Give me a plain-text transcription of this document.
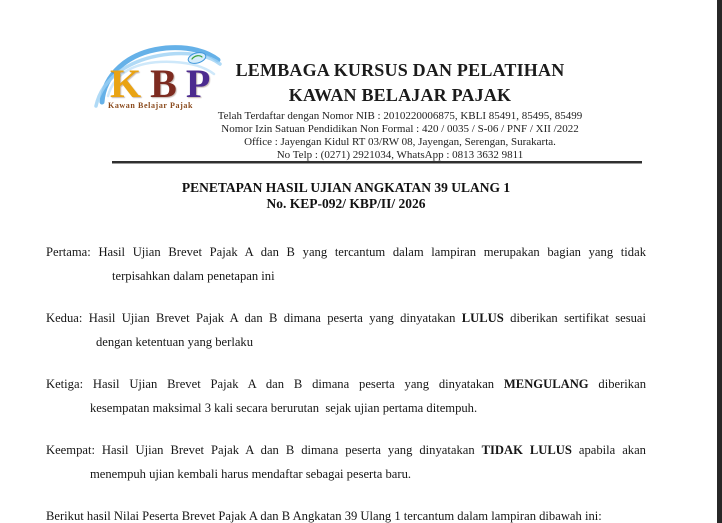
KBP
Kawan Belajar Pajak
LEMBAGA KURSUS DAN PELATIHAN
KAWAN BELAJAR PAJAK
Telah Terdaftar dengan Nomor NIB : 2010220006875, KBLI 85491, 85495, 85499
Nomor Izin Satuan Pendidikan Non Formal : 420 / 0035 / S-06 / PNF / XII /2022
Office : Jayengan Kidul RT 03/RW 08, Jayengan, Serengan, Surakarta.
No Telp : (0271) 2921034, WhatsApp : 0813 3632 9811
PENETAPAN HASIL UJIAN ANGKATAN 39 ULANG 1
No. KEP-092/ KBP/II/ 2026
Pertama: Hasil Ujian Brevet Pajak A dan B yang tercantum dalam lampiran merupakan bagian yang tidak
terpisahkan dalam penetapan ini
Kedua: Hasil Ujian Brevet Pajak A dan B dimana peserta yang dinyatakan LULUS diberikan sertifikat sesuai
dengan ketentuan yang berlaku
Ketiga: Hasil Ujian Brevet Pajak A dan B dimana peserta yang dinyatakan MENGULANG diberikan
kesempatan maksimal 3 kali secara berurutan  sejak ujian pertama ditempuh.
Keempat: Hasil Ujian Brevet Pajak A dan B dimana peserta yang dinyatakan TIDAK LULUS apabila akan
menempuh ujian kembali harus mendaftar sebagai peserta baru.
Berikut hasil Nilai Peserta Brevet Pajak A dan B Angkatan 39 Ulang 1 tercantum dalam lampiran dibawah ini:
